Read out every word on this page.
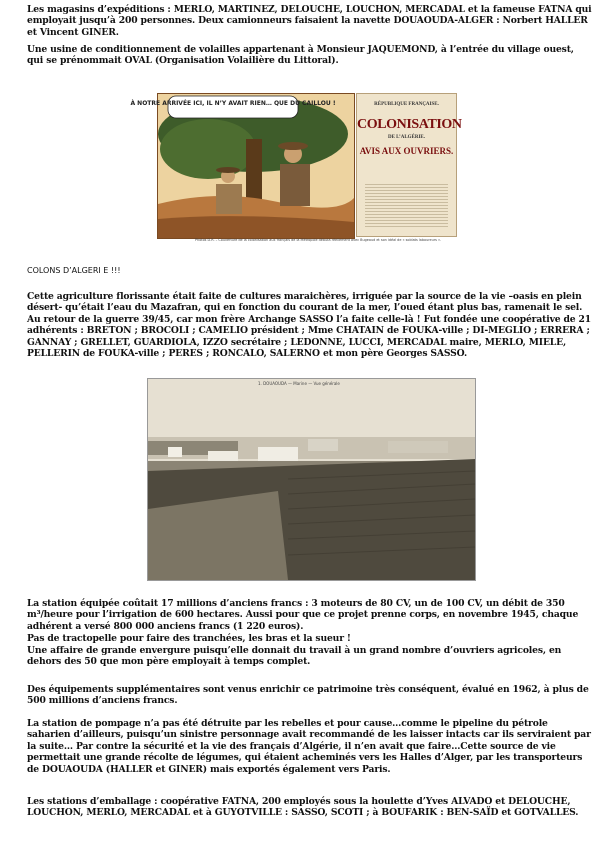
Les magasins d’expéditions : MERLO, MARTINEZ, DELOUCHE, LOUCHON, MERCADAL et la fameuse FATNA qui employait jusqu’à 200 personnes. Deux camionneurs faisaient la navette DOUAOUDA-ALGER : Norbert HALLER et Vincent GINER.

Une usine de conditionnement de volailles appartenant à Monsieur JAQUEMOND, à l’entrée du village ouest, qui se prénommait OVAL (Organisation Volailière du Littoral).

À NOTRE ARRIVÉE ICI, IL N’Y AVAIT RIEN… QUE DU CAILLOU !	RÉPUBLIQUE FRANÇAISE.
COLONISATION
DE L’ALGÉRIE.
AVIS AUX OUVRIERS.
Photos D.R. – Couverture de la colonisation aux français de la Métropole débuta réellement avec Bugeaud et son idéal de « soldats laboureurs ».
COLONS D’ALGERI E !!!

Cette agriculture florissante était faite de cultures maraichères, irriguée par la source de la vie –oasis en plein désert- qu’était l’eau du Mazafran, qui en fonction du courant de la mer, l’oued étant plus bas, ramenait le sel.

Au retour de la guerre 39/45, car mon frère Archange SASSO l’a faite celle-là ! Fut fondée une coopérative de 21 adhérents : BRETON ; BROCOLI ; CAMELIO président ; Mme CHATAIN de FOUKA-ville ; DI-MEGLIO ; ERRERA ; GANNAY ; GRELLET, GUARDIOLA, IZZO secrétaire ; LEDONNE, LUCCI, MERCADAL maire, MERLO, MIELE, PELLERIN de FOUKA-ville ; PERES ; RONCALO, SALERNO et mon père Georges SASSO.

1. DOUAOUDA — Marine — Vue générale

La station équipée coûtait 17 millions d’anciens francs : 3 moteurs de 80 CV, un de 100 CV, un débit de 350 m³/heure pour l’irrigation de 600 hectares. Aussi pour que ce projet prenne corps, en novembre 1945, chaque adhérent a versé 800 000 anciens francs (1 220 euros).

Pas de tractopelle pour faire des tranchées, les bras et la sueur !

Une affaire de grande envergure puisqu’elle donnait du travail à un grand nombre d’ouvriers agricoles, en dehors des 50 que mon père employait à temps complet.

Des équipements supplémentaires sont venus enrichir ce patrimoine très conséquent, évalué en 1962, à plus de 500 millions d’anciens francs.

La station de pompage n’a pas été détruite par les rebelles et pour cause…comme le pipeline du pétrole saharien d’ailleurs, puisqu’un sinistre personnage avait recommandé de les laisser intacts car ils serviraient par la suite… Par contre la sécurité et la vie des français d’Algérie, il n’en avait que faire…Cette source de vie permettait une grande récolte de légumes, qui étaient acheminés vers les Halles d’Alger, par les transporteurs de DOUAOUDA (HALLER et GINER) mais exportés également vers Paris.

Les stations d’emballage : coopérative FATNA, 200 employés sous la houlette d’Yves ALVADO et DELOUCHE, LOUCHON, MERLO, MERCADAL et à GUYOTVILLE : SASSO, SCOTI ; à BOUFARIK : BEN-SAÏD et GOTVALLES.
